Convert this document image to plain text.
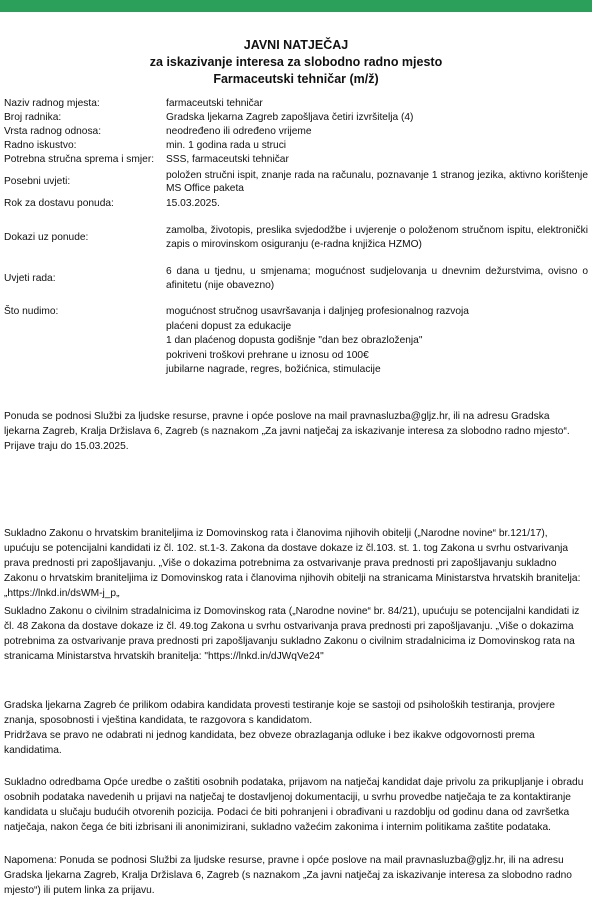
JAVNI NATJEČAJ
za iskazivanje interesa za slobodno radno mjesto
Farmaceutski tehničar (m/ž)
Naziv radnog mjesta:	farmaceutski tehničar
Broj radnika:	Gradska ljekarna Zagreb zapošljava četiri izvršitelja (4)
Vrsta radnog odnosa:	neodređeno ili određeno vrijeme
Radno iskustvo:	min. 1 godina rada u struci
Potrebna stručna sprema i smjer:	SSS, farmaceutski tehničar
Posebni uvjeti:
položen stručni ispit, znanje rada na računalu, poznavanje 1 stranog jezika, aktivno korištenje MS Office paketa
Rok za dostavu ponuda:	15.03.2025.
Dokazi uz ponude:
zamolba, životopis, preslika svjedodžbe i uvjerenje o položenom stručnom ispitu, elektronički zapis o mirovinskom osiguranju (e-radna knjižica HZMO)
Uvjeti rada:
6 dana u tjednu, u smjenama; mogućnost sudjelovanja u dnevnim dežurstvima, ovisno o afinitetu (nije obavezno)
Što nudimo:	mogućnost stručnog usavršavanja i daljnjeg profesionalnog razvoja
plaćeni dopust za edukacije
1 dan plaćenog dopusta godišnje "dan bez obrazloženja"
pokriveni troškovi prehrane u iznosu od 100€
jubilarne nagrade, regres, božićnica, stimulacije
Ponuda se podnosi Službi za ljudske resurse, pravne i opće poslove na mail pravnasluzba@gljz.hr, ili na adresu Gradska ljekarna Zagreb, Kralja Držislava 6, Zagreb (s naznakom „Za javni natječaj za iskazivanje interesa za slobodno radno mjesto“. Prijave traju do 15.03.2025.
Sukladno Zakonu o hrvatskim braniteljima iz Domovinskog rata i članovima njihovih obitelji („Narodne novine“ br.121/17), upućuju se potencijalni kandidati iz čl. 102. st.1-3. Zakona da dostave dokaze iz čl.103. st. 1. tog Zakona u svrhu ostvarivanja prava prednosti pri zapošljavanju. „Više o dokazima potrebnima za ostvarivanje prava prednosti pri zapošljavanju sukladno Zakonu o hrvatskim braniteljima iz Domovinskog rata i članovima njihovih obitelji na stranicama Ministarstva hrvatskih branitelja: „https://lnkd.in/dsWM-j_p„
Sukladno Zakonu o civilnim stradalnicima iz Domovinskog rata („Narodne novine“ br. 84/21), upućuju se potencijalni kandidati iz čl. 48 Zakona da dostave dokaze iz čl. 49.tog Zakona u svrhu ostvarivanja prava prednosti pri zapošljavanju. „Više o dokazima potrebnima za ostvarivanje prava prednosti pri zapošljavanju sukladno Zakonu o civilnim stradalnicima iz Domovinskog rata na stranicama Ministarstva hrvatskih branitelja: "https://lnkd.in/dJWqVe24"
Gradska ljekarna Zagreb će prilikom odabira kandidata provesti testiranje koje se sastoji od psiholoških testiranja, provjere znanja, sposobnosti i vještina kandidata, te razgovora s kandidatom.
Pridržava se pravo ne odabrati ni jednog kandidata, bez obveze obrazlaganja odluke i bez ikakve odgovornosti prema kandidatima.
Sukladno odredbama Opće uredbe o zaštiti osobnih podataka, prijavom na natječaj kandidat daje privolu za prikupljanje i obradu osobnih podataka navedenih u prijavi na natječaj te dostavljenoj dokumentaciji, u svrhu provedbe natječaja te za kontaktiranje kandidata u slučaju budućih otvorenih pozicija. Podaci će biti pohranjeni i obrađivani u razdoblju od godinu dana od završetka natječaja, nakon čega će biti izbrisani ili anonimizirani, sukladno važećim zakonima i internim politikama zaštite podataka.
Napomena: Ponuda se podnosi Službi za ljudske resurse, pravne i opće poslove na mail pravnasluzba@gljz.hr, ili na adresu Gradska ljekarna Zagreb, Kralja Držislava 6, Zagreb (s naznakom „Za javni natječaj za iskazivanje interesa za slobodno radno mjesto“) ili putem linka za prijavu.
